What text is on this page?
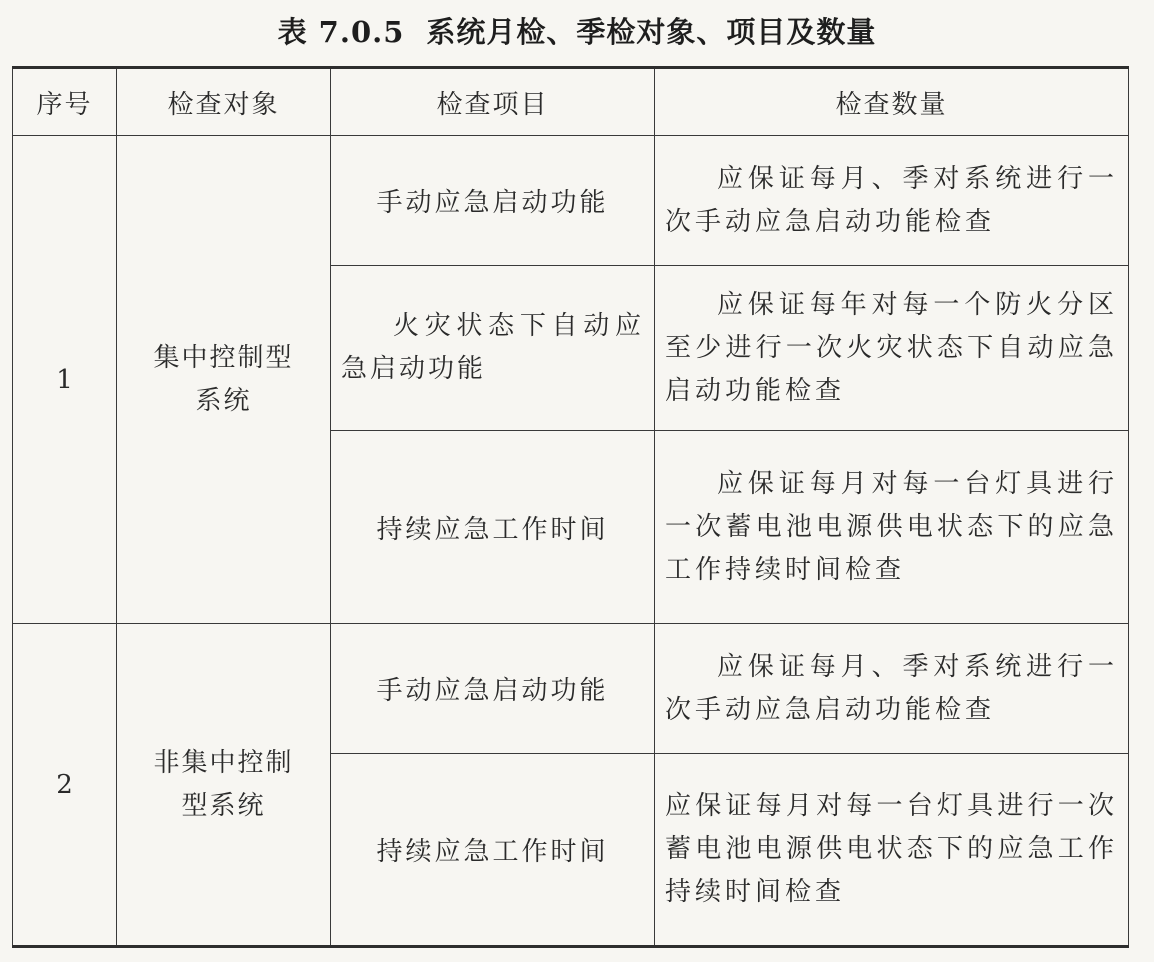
表 7.0.5 系统月检、季检对象、项目及数量
序号	检查对象	检查项目	检查数量
1	集中控制型系统	手动应急启动功能	应保证每月、季对系统进行一次手动应急启动功能检查

		火灾状态下自动应急启动功能	应保证每年对每一个防火分区至少进行一次火灾状态下自动应急启动功能检查

		持续应急工作时间	应保证每月对每一台灯具进行一次蓄电池电源供电状态下的应急工作持续时间检查

2	非集中控制型系统	手动应急启动功能	应保证每月、季对系统进行一次手动应急启动功能检查

		持续应急工作时间	应保证每月对每一台灯具进行一次蓄电池电源供电状态下的应急工作持续时间检查
